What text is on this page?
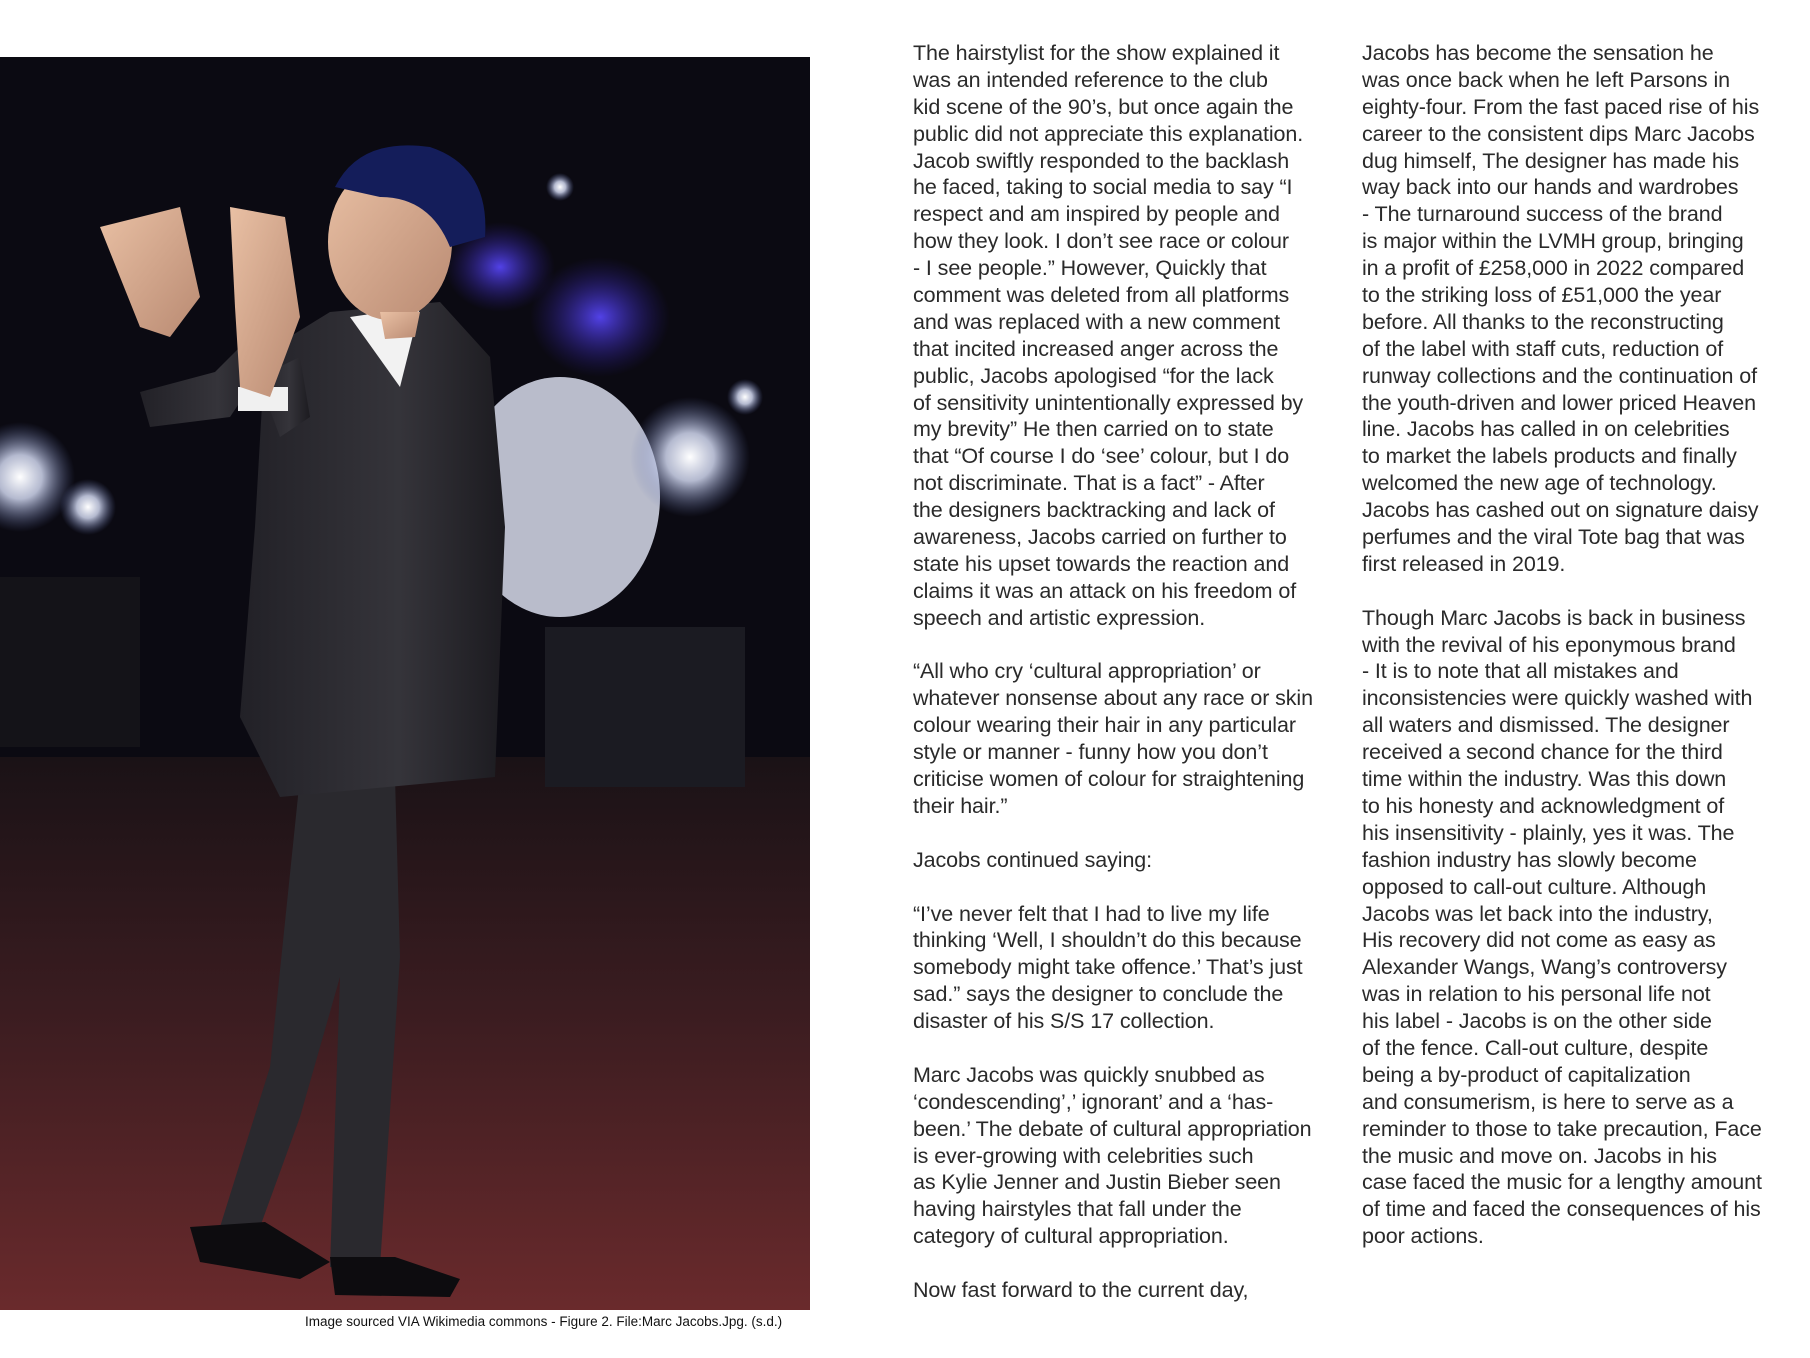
Image sourced VIA Wikimedia commons - Figure 2. File:Marc Jacobs.Jpg. (s.d.)
The hairstylist for the show explained it
was an intended reference to the club
kid scene of the 90’s, but once again the
public did not appreciate this explanation.
Jacob swiftly responded to the backlash
he faced, taking to social media to say “I
respect and am inspired by people and
how they look. I don’t see race or colour
- I see people.” However, Quickly that
comment was deleted from all platforms
and was replaced with a new comment
that incited increased anger across the
public, Jacobs apologised “for the lack
of sensitivity unintentionally expressed by
my brevity” He then carried on to state
that “Of course I do ‘see’ colour, but I do
not discriminate. That is a fact” - After
the designers backtracking and lack of
awareness, Jacobs carried on further to
state his upset towards the reaction and
claims it was an attack on his freedom of
speech and artistic expression.
“All who cry ‘cultural appropriation’ or
whatever nonsense about any race or skin
colour wearing their hair in any particular
style or manner - funny how you don’t
criticise women of colour for straightening
their hair.”
Jacobs continued saying:
“I’ve never felt that I had to live my life
thinking ‘Well, I shouldn’t do this because
somebody might take offence.’ That’s just
sad.” says the designer to conclude the
disaster of his S/S 17 collection.
Marc Jacobs was quickly snubbed as
‘condescending’,’ ignorant’ and a ‘has-
been.’ The debate of cultural appropriation
is ever-growing with celebrities such
as Kylie Jenner and Justin Bieber seen
having hairstyles that fall under the
category of cultural appropriation.
Now fast forward to the current day,
Jacobs has become the sensation he
was once back when he left Parsons in
eighty-four. From the fast paced rise of his
career to the consistent dips Marc Jacobs
dug himself, The designer has made his
way back into our hands and wardrobes
- The turnaround success of the brand
is major within the LVMH group, bringing
in a profit of £258,000 in 2022 compared
to the striking loss of £51,000 the year
before. All thanks to the reconstructing
of the label with staff cuts, reduction of
runway collections and the continuation of
the youth-driven and lower priced Heaven
line. Jacobs has called in on celebrities
to market the labels products and finally
welcomed the new age of technology.
Jacobs has cashed out on signature daisy
perfumes and the viral Tote bag that was
first released in 2019.
Though Marc Jacobs is back in business
with the revival of his eponymous brand
- It is to note that all mistakes and
inconsistencies were quickly washed with
all waters and dismissed. The designer
received a second chance for the third
time within the industry. Was this down
to his honesty and acknowledgment of
his insensitivity - plainly, yes it was. The
fashion industry has slowly become
opposed to call-out culture. Although
Jacobs was let back into the industry,
His recovery did not come as easy as
Alexander Wangs, Wang’s controversy
was in relation to his personal life not
his label - Jacobs is on the other side
of the fence. Call-out culture, despite
being a by-product of capitalization
and consumerism, is here to serve as a
reminder to those to take precaution, Face
the music and move on. Jacobs in his
case faced the music for a lengthy amount
of time and faced the consequences of his
poor actions.
